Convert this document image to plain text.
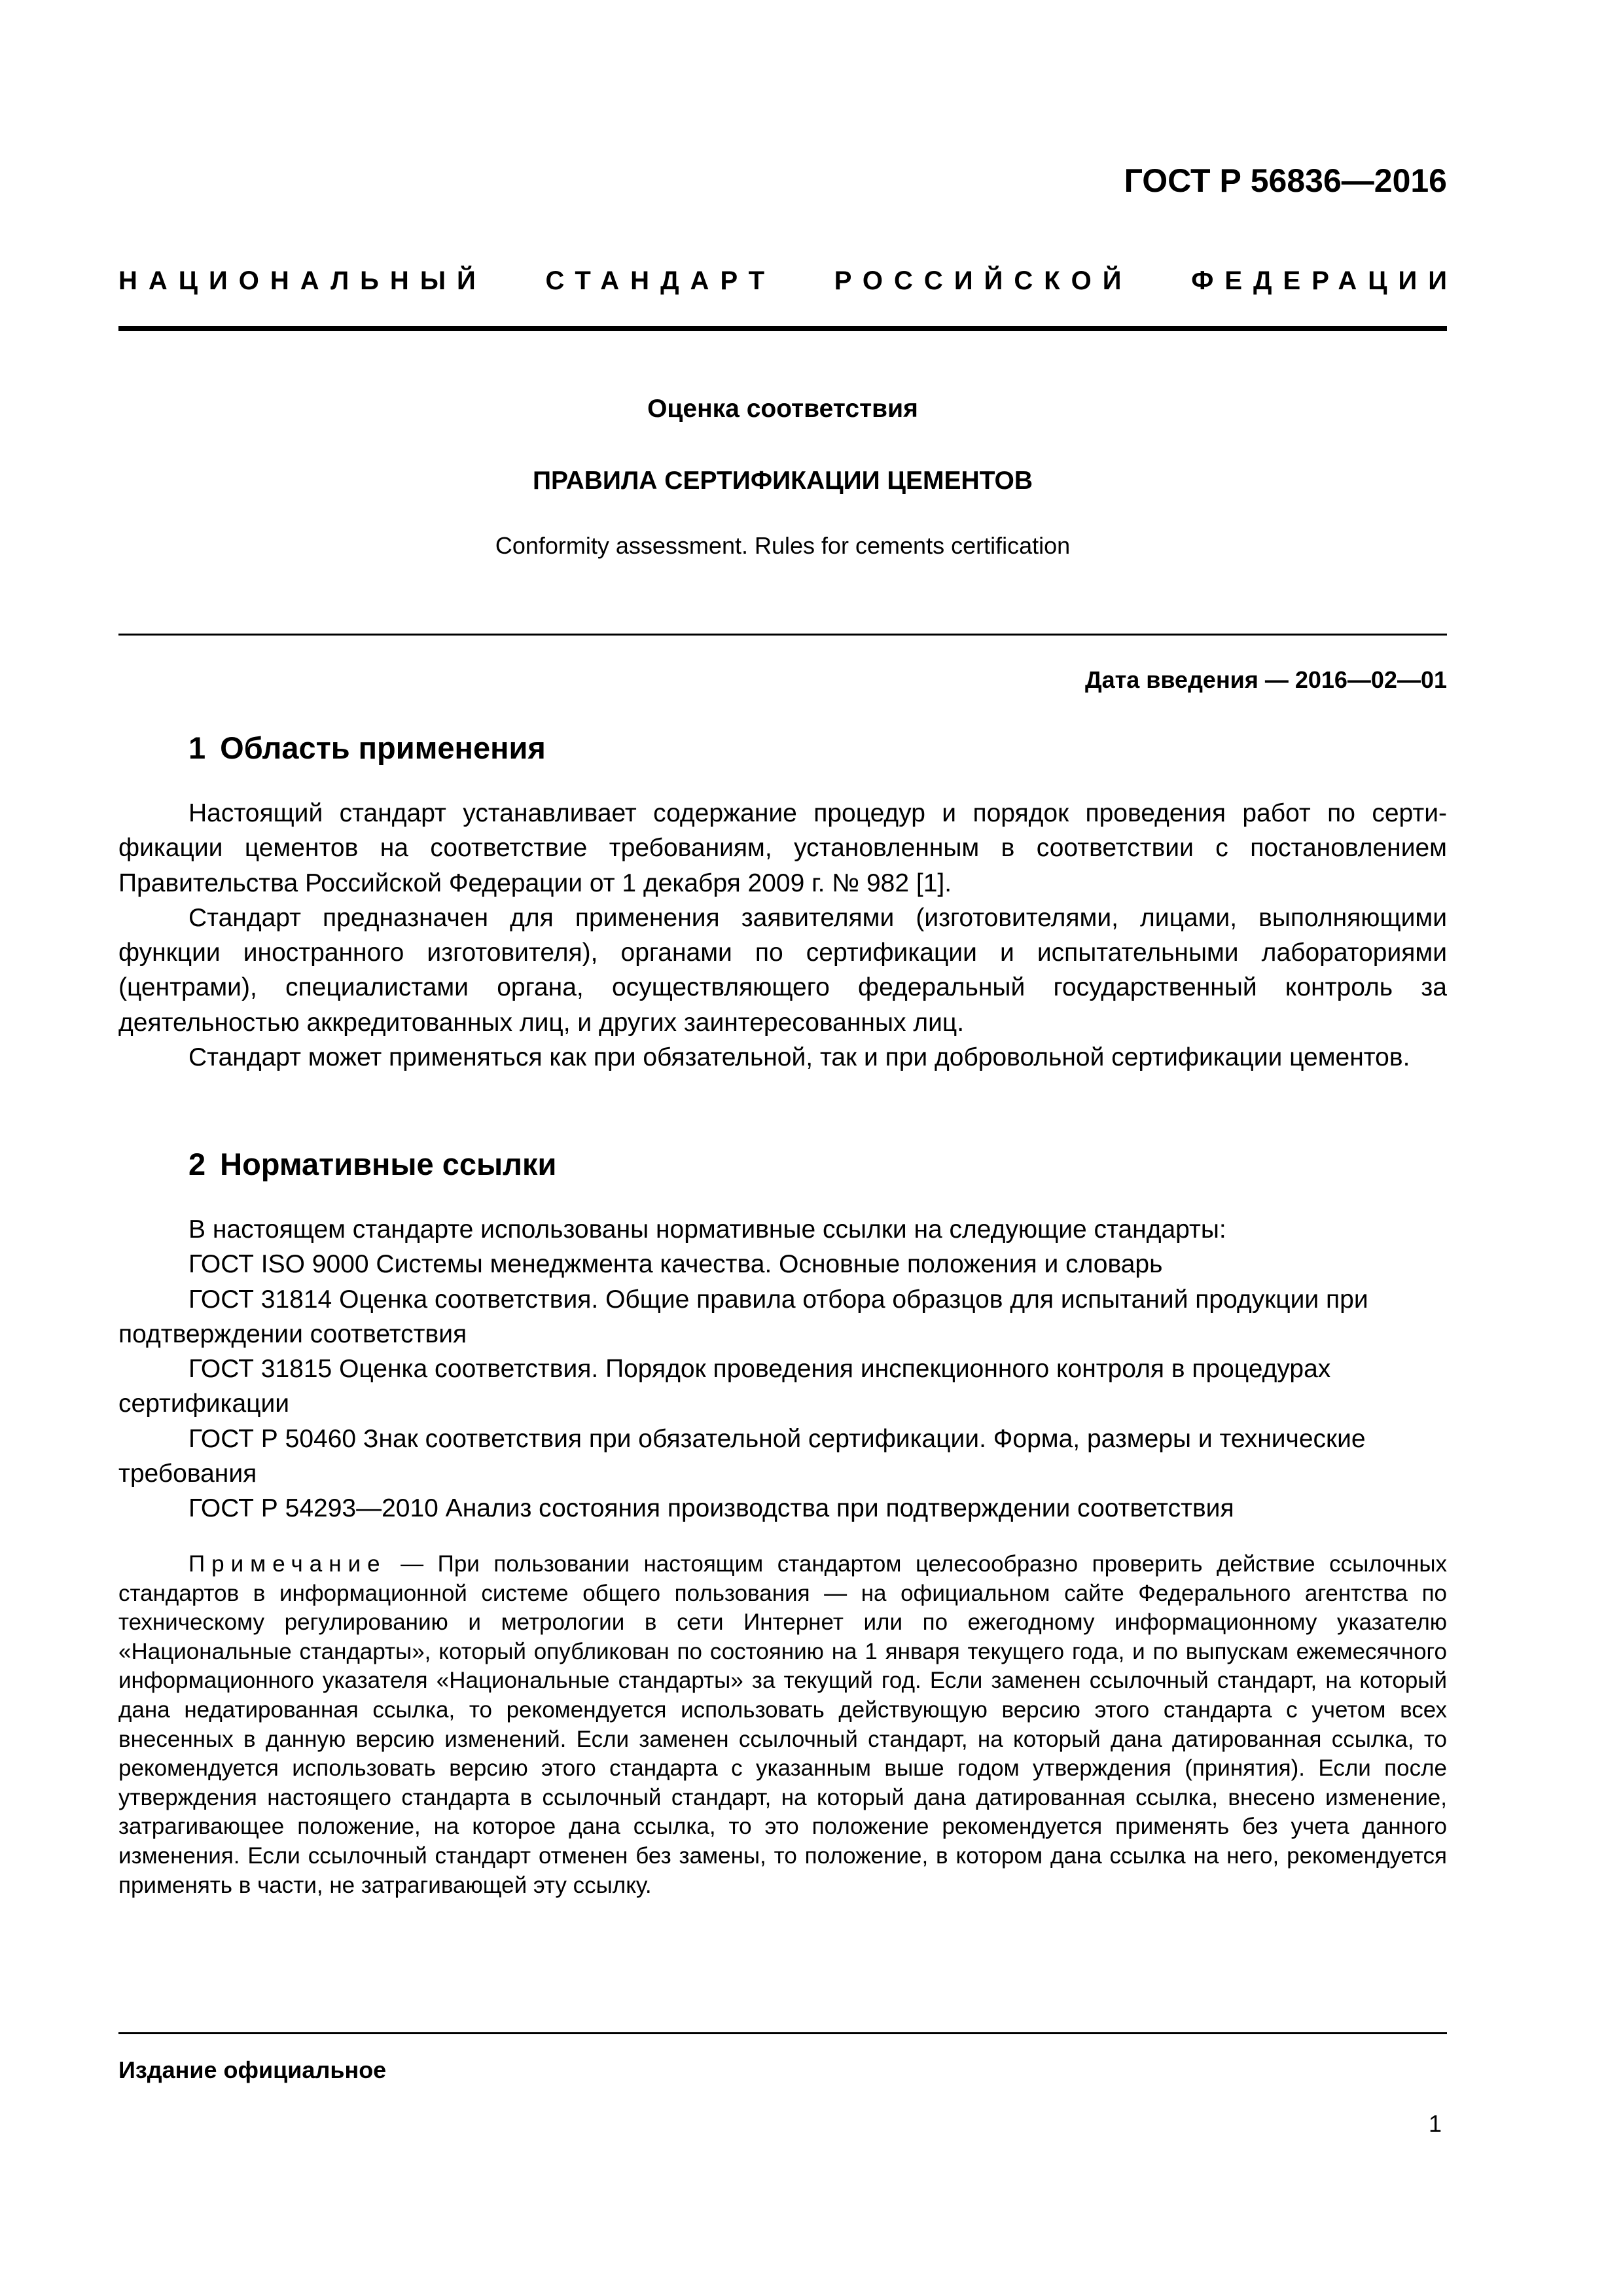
ГОСТ Р 56836—2016
НАЦИОНАЛЬНЫЙ СТАНДАРТ РОССИЙСКОЙ ФЕДЕРАЦИИ
Оценка соответствия
ПРАВИЛА СЕРТИФИКАЦИИ ЦЕМЕНТОВ
Conformity assessment. Rules for cements certification
Дата введения — 2016—02—01
1 Область применения

Настоящий стандарт устанавливает содержание процедур и порядок проведения работ по сертификации цементов на соответствие требованиям, установленным в соответствии с постановлением Правительства Российской Федерации от 1 декабря 2009 г. № 982 [1].

Стандарт предназначен для применения заявителями (изготовителями, лицами, выполняющими функции иностранного изготовителя), органами по сертификации и испытательными лабораториями (центрами), специалистами органа, осуществляющего федеральный государственный контроль за деятельностью аккредитованных лиц, и других заинтересованных лиц.

Стандарт может применяться как при обязательной, так и при добровольной сертификации цементов.

2 Нормативные ссылки

В настоящем стандарте использованы нормативные ссылки на следующие стандарты:

ГОСТ ISO 9000 Системы менеджмента качества. Основные положения и словарь

ГОСТ 31814 Оценка соответствия. Общие правила отбора образцов для испытаний продукции при подтверждении соответствия

ГОСТ 31815 Оценка соответствия. Порядок проведения инспекционного контроля в процедурах сертификации

ГОСТ Р 50460 Знак соответствия при обязательной сертификации. Форма, размеры и технические требования

ГОСТ Р 54293—2010 Анализ состояния производства при подтверждении соответствия

Примечание — При пользовании настоящим стандартом целесообразно проверить действие ссылочных стандартов в информационной системе общего пользования — на официальном сайте Федерального агентства по техническому регулированию и метрологии в сети Интернет или по ежегодному информационному указателю «Национальные стандарты», который опубликован по состоянию на 1 января текущего года, и по выпускам ежемесячного информационного указателя «Национальные стандарты» за текущий год. Если заменен ссылочный стандарт, на который дана недатированная ссылка, то рекомендуется использовать действующую версию этого стандарта с учетом всех внесенных в данную версию изменений. Если заменен ссылочный стандарт, на который дана датированная ссылка, то рекомендуется использовать версию этого стандарта с указанным выше годом утверждения (принятия). Если после утверждения настоящего стандарта в ссылочный стандарт, на который дана датированная ссылка, внесено изменение, затрагивающее положение, на которое дана ссылка, то это положение рекомендуется применять без учета данного изменения. Если ссылочный стандарт отменен без замены, то положение, в котором дана ссылка на него, рекомендуется применять в части, не затрагивающей эту ссылку.

Издание официальное
1
